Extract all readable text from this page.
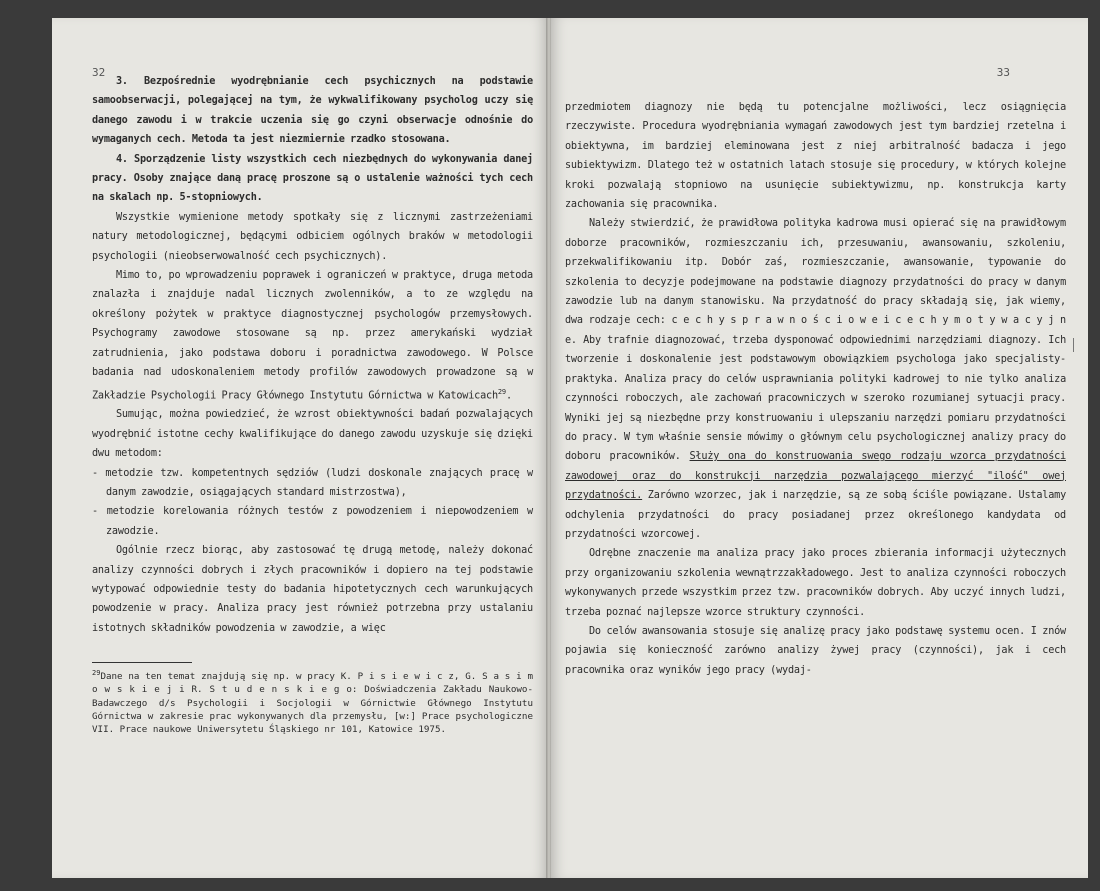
32

3. Bezpośrednie wyodrębnianie cech psychicznych na podstawie samoobserwacji, polegającej na tym, że wykwalifikowany psycholog uczy się danego zawodu i w trakcie uczenia się go czyni obserwacje odnośnie do wymaganych cech. Metoda ta jest niezmiernie rzadko stosowana.

4. Sporządzenie listy wszystkich cech niezbędnych do wykonywania danej pracy. Osoby znające daną pracę proszone są o ustalenie ważności tych cech na skalach np. 5-stopniowych.

Wszystkie wymienione metody spotkały się z licznymi zastrzeżeniami natury metodologicznej, będącymi odbiciem ogólnych braków w metodologii psychologii (nieobserwowalność cech psychicznych).

Mimo to, po wprowadzeniu poprawek i ograniczeń w praktyce, druga metoda znalazła i znajduje nadal licznych zwolenników, a to ze względu na określony pożytek w praktyce diagnostycznej psychologów przemysłowych. Psychogramy zawodowe stosowane są np. przez amerykański wydział zatrudnienia, jako podstawa doboru i poradnictwa zawodowego. W Polsce badania nad udoskonaleniem metody profilów zawodowych prowadzone są w Zakładzie Psychologii Pracy Głównego Instytutu Górnictwa w Katowicach$^{29}$.

Sumując, można powiedzieć, że wzrost obiektywności badań pozwalających wyodrębnić istotne cechy kwalifikujące do danego zawodu uzyskuje się dzięki dwu metodom:

- metodzie tzw. kompetentnych sędziów (ludzi doskonale znających pracę w danym zawodzie, osiągających standard mistrzostwa),

- metodzie korelowania różnych testów z powodzeniem i niepowodzeniem w zawodzie.

Ogólnie rzecz biorąc, aby zastosować tę drugą metodę, należy dokonać analizy czynności dobrych i złych pracowników i dopiero na tej podstawie wytypować odpowiednie testy do badania hipotetycznych cech warunkujących powodzenie w pracy. Analiza pracy jest również potrzebna przy ustalaniu istotnych składników powodzenia w zawodzie, a więc

$^{29}$Dane na ten temat znajdują się np. w pracy K. P i s i e w i c z, G. S a s i m o w s k i e j i R. S t u d e n s k i e g o: Doświadczenia Zakładu Naukowo-Badawczego d/s Psychologii i Socjologii w Górnictwie Głównego Instytutu Górnictwa w zakresie prac wykonywanych dla przemysłu, [w:] Prace psychologiczne VII. Prace naukowe Uniwersytetu Śląskiego nr 101, Katowice 1975.

33

przedmiotem diagnozy nie będą tu potencjalne możliwości, lecz osiągnięcia rzeczywiste. Procedura wyodrębniania wymagań zawodowych jest tym bardziej rzetelna i obiektywna, im bardziej eleminowana jest z niej arbitralność badacza i jego subiektywizm. Dlatego też w ostatnich latach stosuje się procedury, w których kolejne kroki pozwalają stopniowo na usunięcie subiektywizmu, np. konstrukcja karty zachowania się pracownika.

Należy stwierdzić, że prawidłowa polityka kadrowa musi opierać się na prawidłowym doborze pracowników, rozmieszczaniu ich, przesuwaniu, awansowaniu, szkoleniu, przekwalifikowaniu itp. Dobór zaś, rozmieszczanie, awansowanie, typowanie do szkolenia to decyzje podejmowane na podstawie diagnozy przydatności do pracy w danym zawodzie lub na danym stanowisku. Na przydatność do pracy składają się, jak wiemy, dwa rodzaje cech: c e c h y s p r a w n o ś c i o w e i c e c h y m o t y w a c y j n e. Aby trafnie diagnozować, trzeba dysponować odpowiednimi narzędziami diagnozy. Ich tworzenie i doskonalenie jest podstawowym obowiązkiem psychologa jako specjalisty-praktyka. Analiza pracy do celów usprawniania polityki kadrowej to nie tylko analiza czynności roboczych, ale zachowań pracowniczych w szeroko rozumianej sytuacji pracy. Wyniki jej są niezbędne przy konstruowaniu i ulepszaniu narzędzi pomiaru przydatności do pracy. W tym właśnie sensie mówimy o głównym celu psychologicznej analizy pracy do doboru pracowników. Służy ona do konstruowania swego rodzaju wzorca przydatności zawodowej oraz do konstrukcji narzędzia pozwalającego mierzyć "ilość" owej przydatności. Zarówno wzorzec, jak i narzędzie, są ze sobą ściśle powiązane. Ustalamy odchylenia przydatności do pracy posiadanej przez określonego kandydata od przydatności wzorcowej.

Odrębne znaczenie ma analiza pracy jako proces zbierania informacji użytecznych przy organizowaniu szkolenia wewnątrzzakładowego. Jest to analiza czynności roboczych wykonywanych przede wszystkim przez tzw. pracowników dobrych. Aby uczyć innych ludzi, trzeba poznać najlepsze wzorce struktury czynności.

Do celów awansowania stosuje się analizę pracy jako podstawę systemu ocen. I znów pojawia się konieczność zarówno analizy żywej pracy (czynności), jak i cech pracownika oraz wyników jego pracy (wydaj-
